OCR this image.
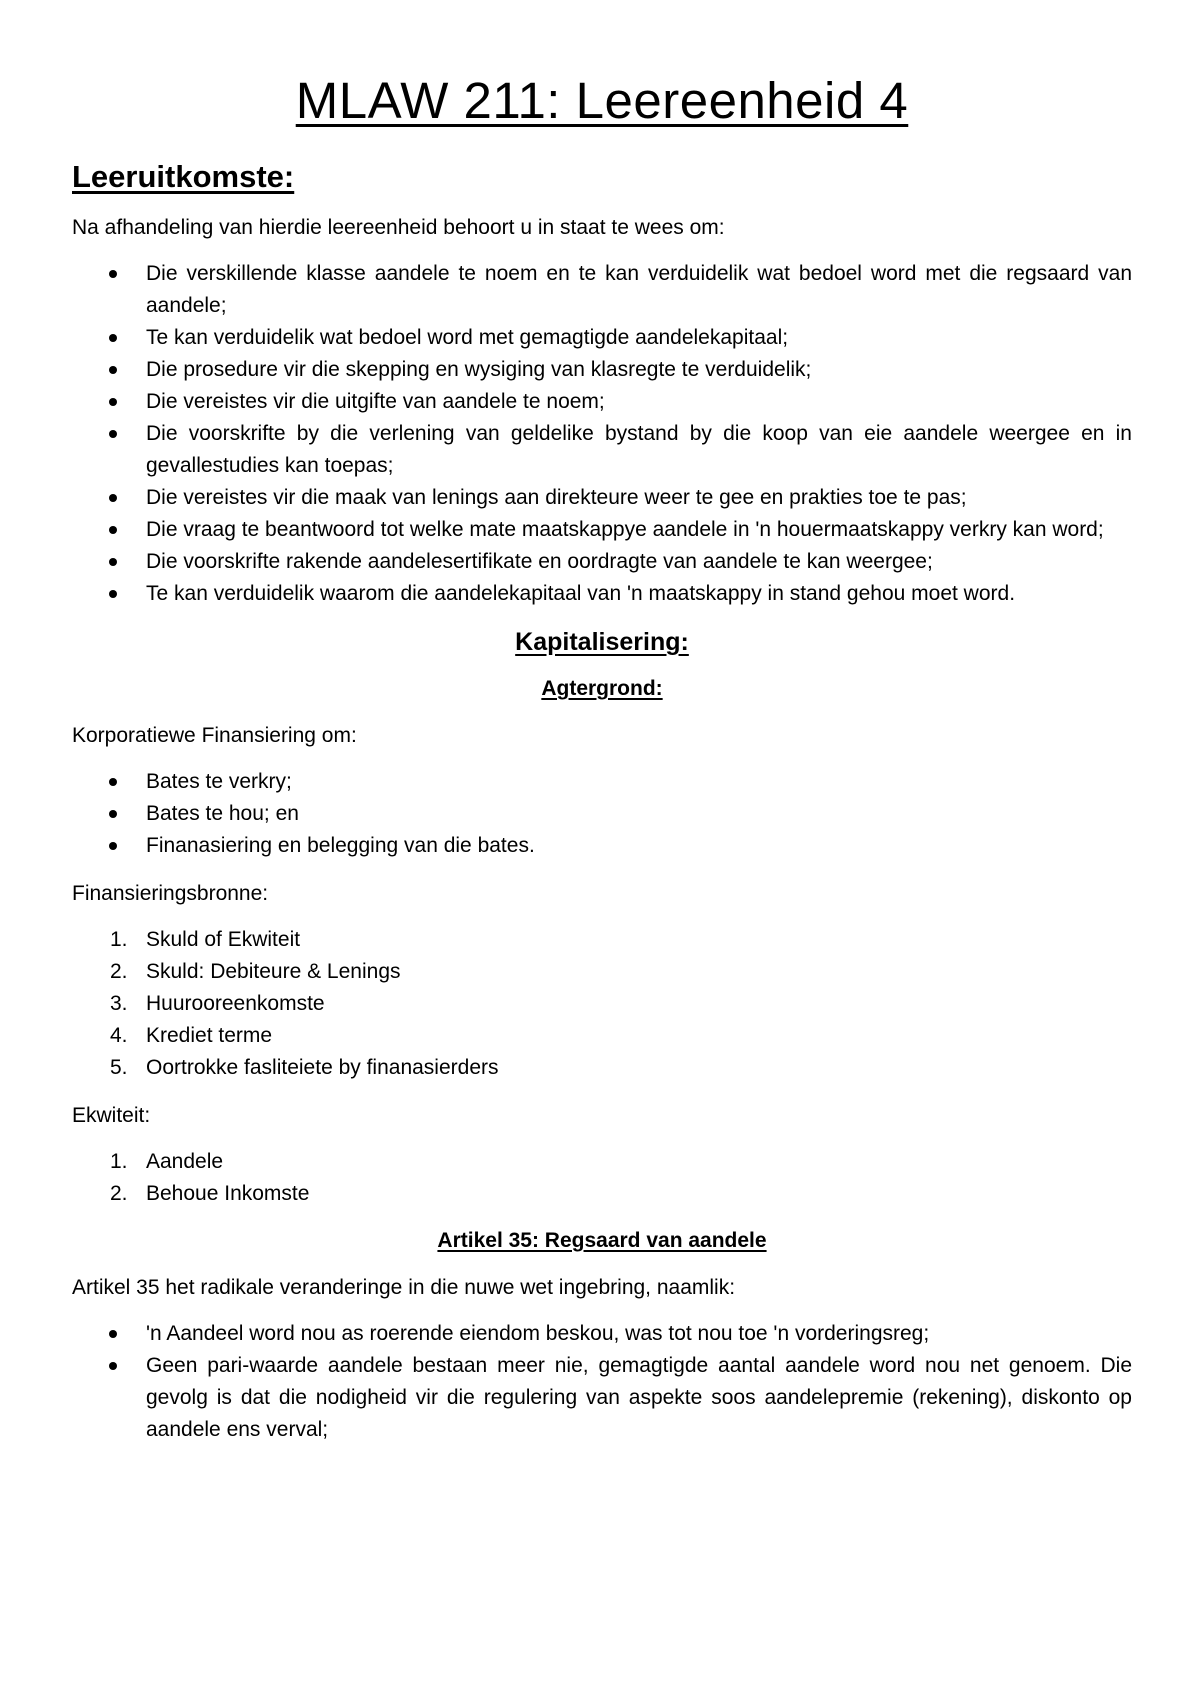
MLAW 211: Leereenheid 4
Leeruitkomste:

Na afhandeling van hierdie leereenheid behoort u in staat te wees om:

Die verskillende klasse aandele te noem en te kan verduidelik wat bedoel word met die regsaard van aandele;
Te kan verduidelik wat bedoel word met gemagtigde aandelekapitaal;
Die prosedure vir die skepping en wysiging van klasregte te verduidelik;
Die vereistes vir die uitgifte van aandele te noem;
Die voorskrifte by die verlening van geldelike bystand by die koop van eie aandele weergee en in gevallestudies kan toepas;
Die vereistes vir die maak van lenings aan direkteure weer te gee en prakties toe te pas;
Die vraag te beantwoord tot welke mate maatskappye aandele in 'n houermaatskappy verkry kan word;
Die voorskrifte rakende aandelesertifikate en oordragte van aandele te kan weergee;
Te kan verduidelik waarom die aandelekapitaal van 'n maatskappy in stand gehou moet word.
Kapitalisering:
Agtergrond:

Korporatiewe Finansiering om:

Bates te verkry;
Bates te hou; en
Finanasiering en belegging van die bates.

Finansieringsbronne:

1. Skuld of Ekwiteit
2. Skuld: Debiteure & Lenings
3. Huurooreenkomste
4. Krediet terme
5. Oortrokke fasliteiete by finanasierders

Ekwiteit:

1. Aandele
2. Behoue Inkomste
Artikel 35: Regsaard van aandele

Artikel 35 het radikale veranderinge in die nuwe wet ingebring, naamlik:

'n Aandeel word nou as roerende eiendom beskou, was tot nou toe 'n vorderingsreg;
Geen pari-waarde aandele bestaan meer nie, gemagtigde aantal aandele word nou net genoem. Die gevolg is dat die nodigheid vir die regulering van aspekte soos aandelepremie (rekening), diskonto op aandele ens verval;
